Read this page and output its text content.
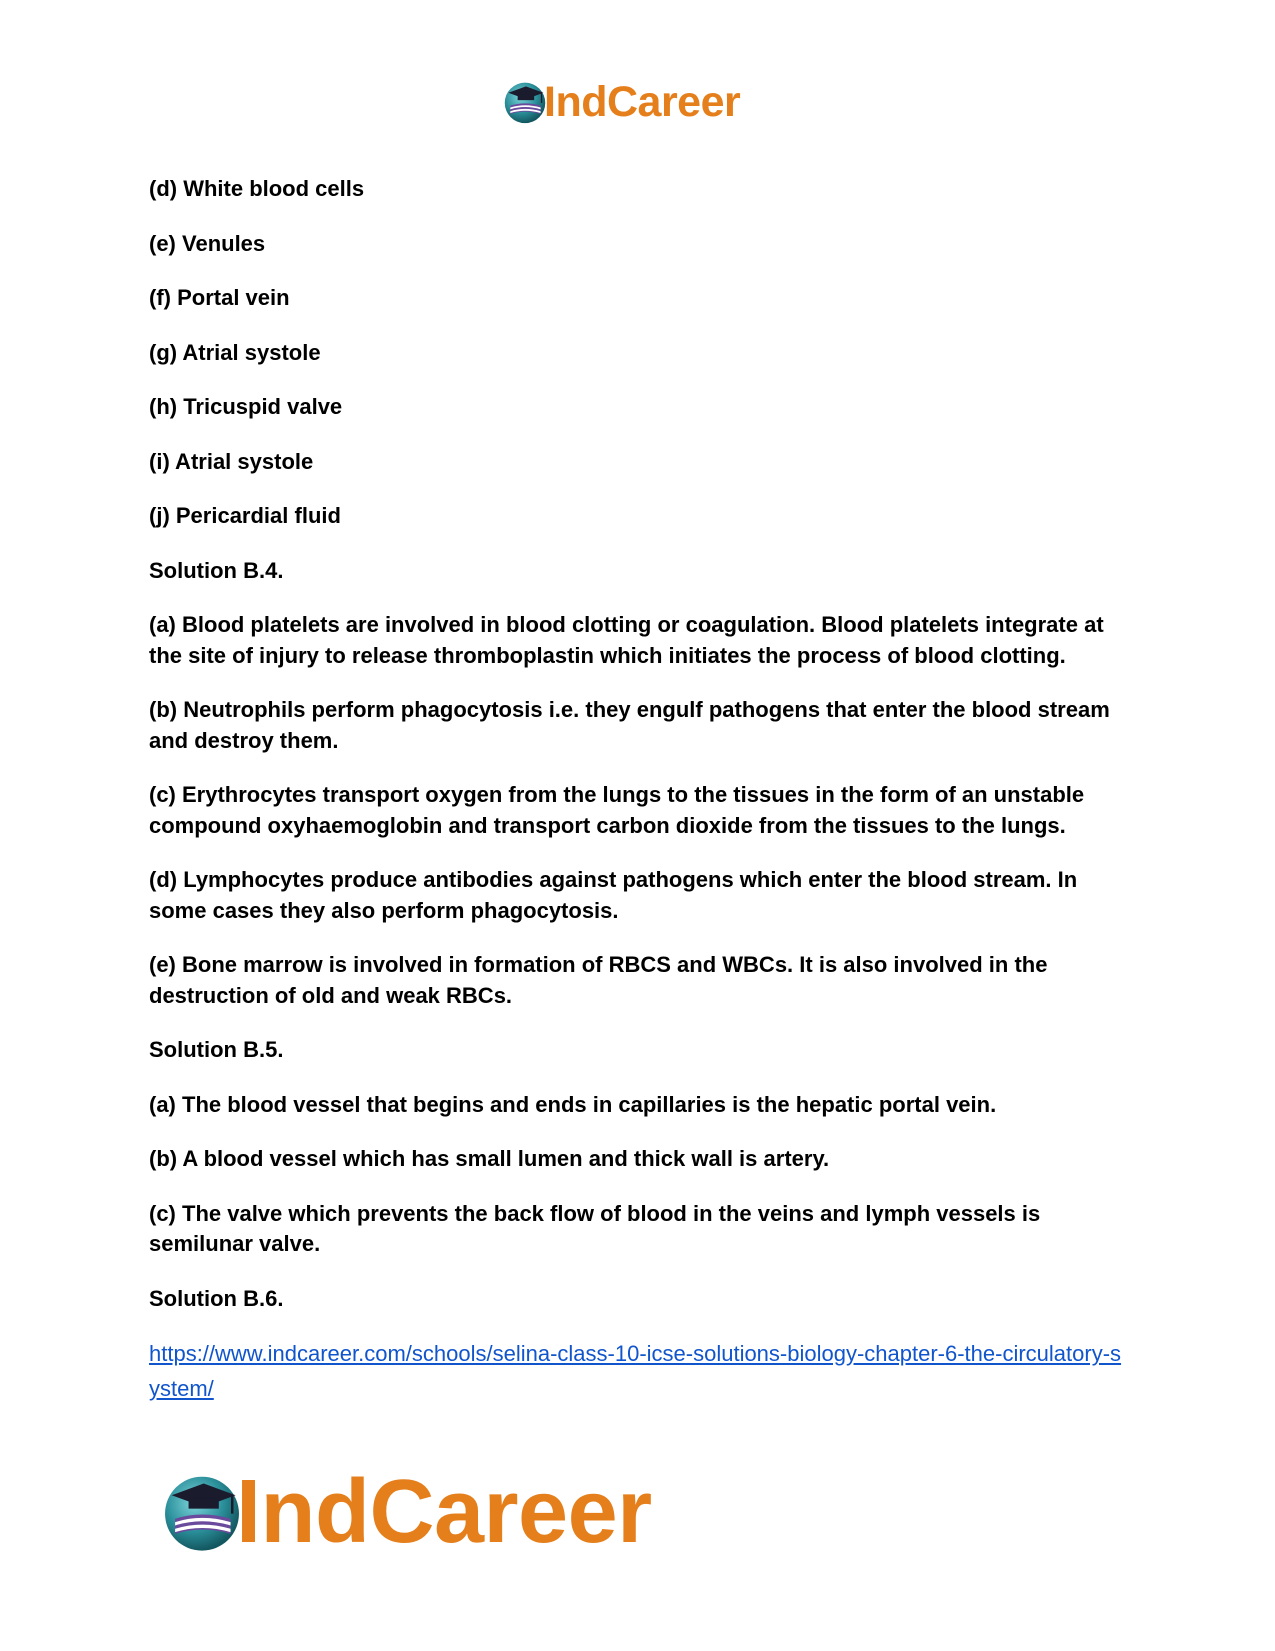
IndCareer

(d) White blood cells

(e) Venules

(f) Portal vein

(g) Atrial systole

(h) Tricuspid valve

(i) Atrial systole

(j) Pericardial fluid

Solution B.4.

(a) Blood platelets are involved in blood clotting or coagulation. Blood platelets integrate at the site of injury to release thromboplastin which initiates the process of blood clotting.

(b) Neutrophils perform phagocytosis i.e. they engulf pathogens that enter the blood stream and destroy them.

(c) Erythrocytes transport oxygen from the lungs to the tissues in the form of an unstable compound oxyhaemoglobin and transport carbon dioxide from the tissues to the lungs.

(d) Lymphocytes produce antibodies against pathogens which enter the blood stream. In some cases they also perform phagocytosis.

(e) Bone marrow is involved in formation of RBCS and WBCs. It is also involved in the destruction of old and weak RBCs.

Solution B.5.

(a) The blood vessel that begins and ends in capillaries is the hepatic portal vein.

(b) A blood vessel which has small lumen and thick wall is artery.

(c) The valve which prevents the back flow of blood in the veins and lymph vessels is semilunar valve.

Solution B.6.

https://www.indcareer.com/schools/selina-class-10-icse-solutions-biology-chapter-6-the-circulatory-system/
IndCareer
